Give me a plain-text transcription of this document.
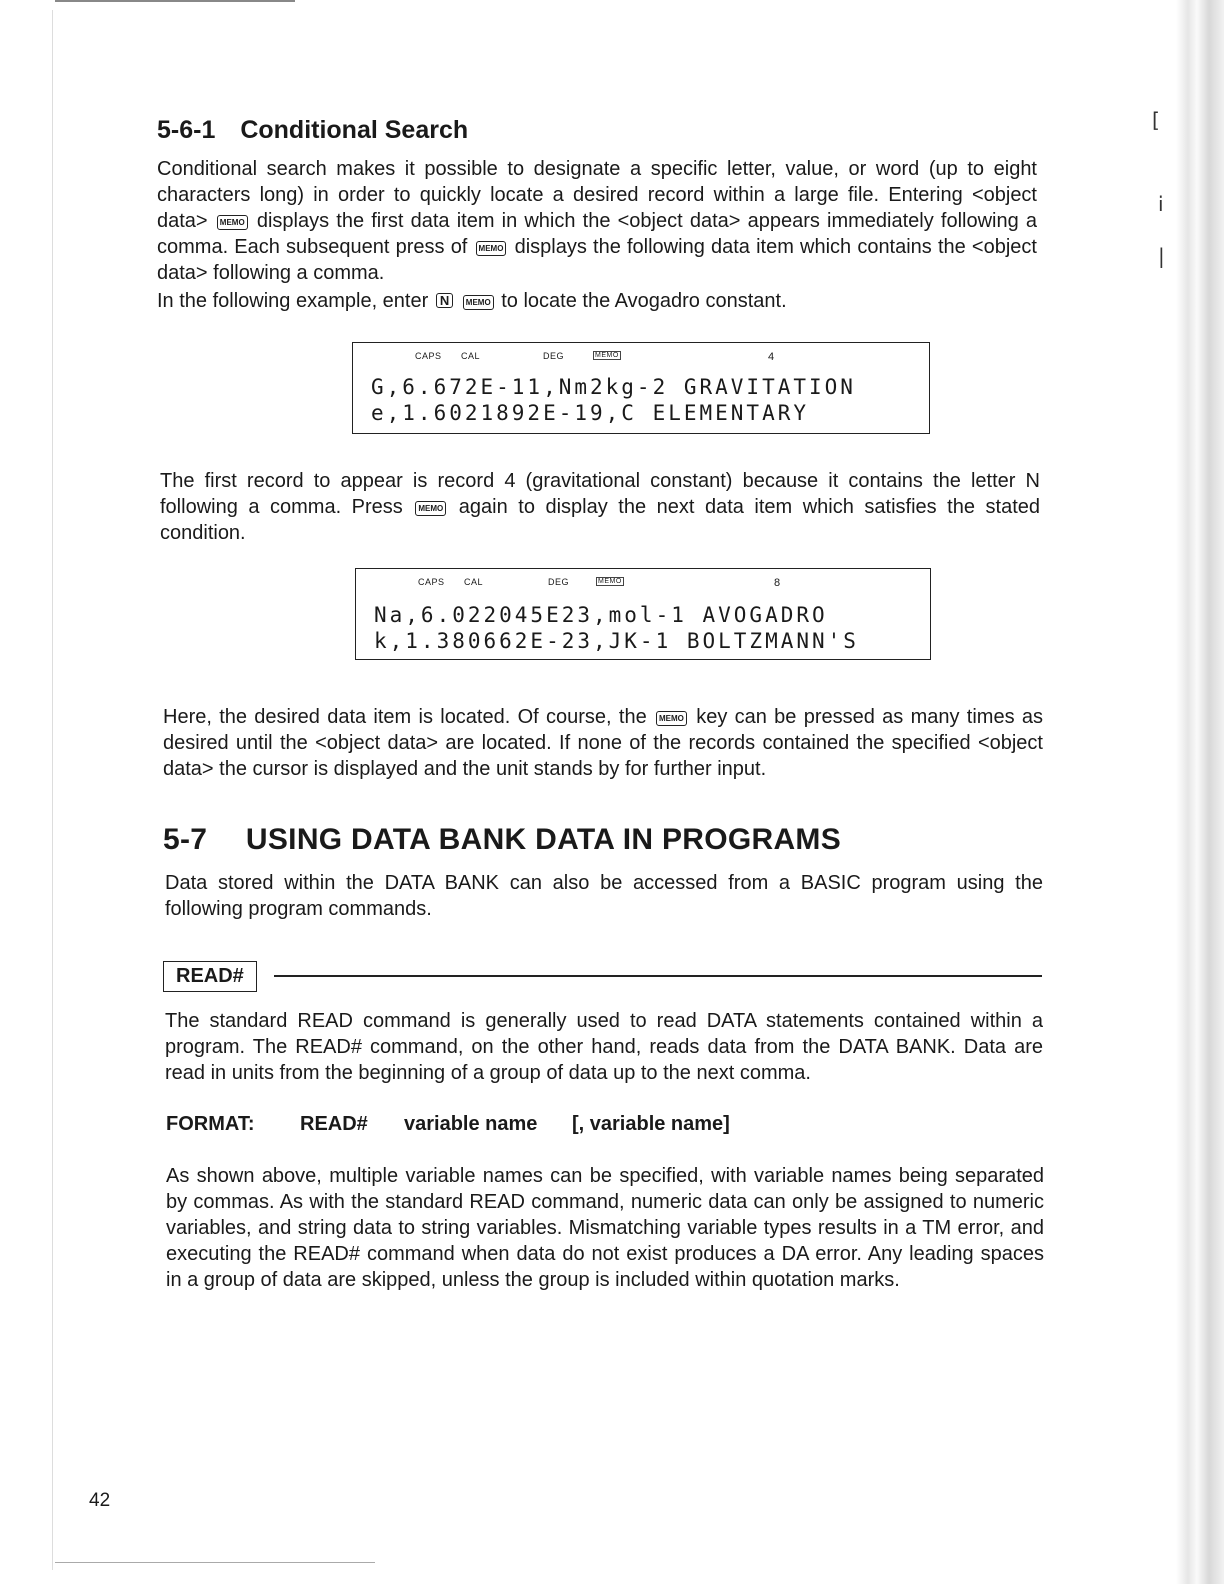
[
i
|
5-6-1 Conditional Search

Conditional search makes it possible to designate a specific letter, value, or word (up to eight characters long) in order to quickly locate a desired record within a large file. Entering <object data> MEMO displays the first data item in which the <object data> appears immediately following a comma. Each subsequent press of MEMO displays the following data item which contains the <object data> following a comma.

In the following example, enter N MEMO to locate the Avogadro constant.

CAPS CAL	DEG	MEMO	4
G,6.672E-11,Nm2kg-2 GRAVITATION
e,1.6021892E-19,C ELEMENTARY

The first record to appear is record 4 (gravitational constant) because it contains the letter N following a comma. Press MEMO again to display the next data item which satisfies the stated condition.

CAPS CAL	DEG	MEMO	8
Na,6.022045E23,mol-1 AVOGADRO
k,1.380662E-23,JK-1 BOLTZMANN'S

Here, the desired data item is located. Of course, the MEMO key can be pressed as many times as desired until the <object data> are located. If none of the records contained the specified <object data> the cursor is displayed and the unit stands by for further input.

5-7 USING DATA BANK DATA IN PROGRAMS

Data stored within the DATA BANK can also be accessed from a BASIC program using the following program commands.

READ#

The standard READ command is generally used to read DATA statements contained within a program. The READ# command, on the other hand, reads data from the DATA BANK. Data are read in units from the beginning of a group of data up to the next comma.

FORMAT: READ# variable name [, variable name]

As shown above, multiple variable names can be specified, with variable names being separated by commas. As with the standard READ command, numeric data can only be assigned to numeric variables, and string data to string variables. Mismatching variable types results in a TM error, and executing the READ# command when data do not exist produces a DA error. Any leading spaces in a group of data are skipped, unless the group is included within quotation marks.

42
